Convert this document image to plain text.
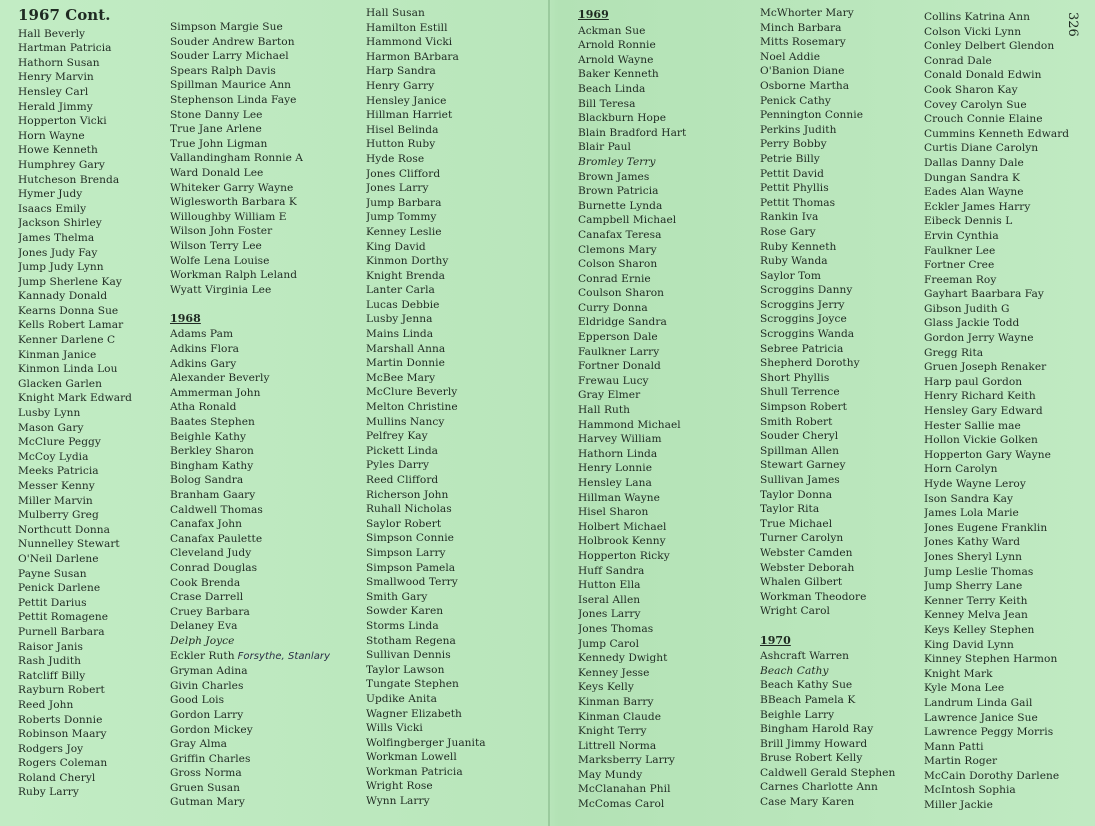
326
1967 Cont.
Hall Beverly
Hartman Patricia
Hathorn Susan
Henry Marvin
Hensley Carl
Herald Jimmy
Hopperton Vicki
Horn Wayne
Howe Kenneth
Humphrey Gary
Hutcheson Brenda
Hymer Judy
Isaacs Emily
Jackson Shirley
James Thelma
Jones Judy Fay
Jump Judy Lynn
Jump Sherlene Kay
Kannady Donald
Kearns Donna Sue
Kells Robert Lamar
Kenner Darlene C
Kinman Janice
Kinmon Linda Lou
Glacken Garlen
Knight Mark Edward
Lusby Lynn
Mason Gary
McClure Peggy
McCoy Lydia
Meeks Patricia
Messer Kenny
Miller Marvin
Mulberry Greg
Northcutt Donna
Nunnelley Stewart
O'Neil Darlene
Payne Susan
Penick Darlene
Pettit Darius
Pettit Romagene
Purnell Barbara
Raisor Janis
Rash Judith
Ratcliff Billy
Rayburn Robert
Reed John
Roberts Donnie
Robinson Maary
Rodgers Joy
Rogers Coleman
Roland Cheryl
Ruby Larry
Simpson Margie Sue
Souder Andrew Barton
Souder Larry Michael
Spears Ralph Davis
Spillman Maurice Ann
Stephenson Linda Faye
Stone Danny Lee
True Jane Arlene
True John Ligman
Vallandingham Ronnie A
Ward Donald Lee
Whiteker Garry Wayne
Wiglesworth Barbara K
Willoughby William E
Wilson John Foster
Wilson Terry Lee
Wolfe Lena Louise
Workman Ralph Leland
Wyatt Virginia Lee
1968
Adams Pam
Adkins Flora
Adkins Gary
Alexander Beverly
Ammerman John
Atha Ronald
Baates Stephen
Beighle Kathy
Berkley Sharon
Bingham Kathy
Bolog Sandra
Branham Gaary
Caldwell Thomas
Canafax John
Canafax Paulette
Cleveland Judy
Conrad Douglas
Cook Brenda
Crase Darrell
Cruey Barbara
Delaney Eva
Delph Joyce
Eckler Ruth Forsythe, Stanlary
Gryman Adina
Givin Charles
Good Lois
Gordon Larry
Gordon Mickey
Gray Alma
Griffin Charles
Gross Norma
Gruen Susan
Gutman Mary
Hall Susan
Hamilton Estill
Hammond Vicki
Harmon BArbara
Harp Sandra
Henry Garry
Hensley Janice
Hillman Harriet
Hisel Belinda
Hutton Ruby
Hyde Rose
Jones Clifford
Jones Larry
Jump Barbara
Jump Tommy
Kenney Leslie
King David
Kinmon Dorthy
Knight Brenda
Lanter Carla
Lucas Debbie
Lusby Jenna
Mains Linda
Marshall Anna
Martin Donnie
McBee Mary
McClure Beverly
Melton Christine
Mullins Nancy
Pelfrey Kay
Pickett Linda
Pyles Darry
Reed Clifford
Richerson John
Ruhall Nicholas
Saylor Robert
Simpson Connie
Simpson Larry
Simpson Pamela
Smallwood Terry
Smith Gary
Sowder Karen
Storms Linda
Stotham Regena
Sullivan Dennis
Taylor Lawson
Tungate Stephen
Updike Anita
Wagner Elizabeth
Wills Vicki
Wolfingberger Juanita
Workman Lowell
Workman Patricia
Wright Rose
Wynn Larry
1969
Ackman Sue
Arnold Ronnie
Arnold Wayne
Baker Kenneth
Beach Linda
Bill Teresa
Blackburn Hope
Blain Bradford Hart
Blair Paul
Bromley Terry
Brown James
Brown Patricia
Burnette Lynda
Campbell Michael
Canafax Teresa
Clemons Mary
Colson Sharon
Conrad Ernie
Coulson Sharon
Curry Donna
Eldridge Sandra
Epperson Dale
Faulkner Larry
Fortner Donald
Frewau Lucy
Gray Elmer
Hall Ruth
Hammond Michael
Harvey William
Hathorn Linda
Henry Lonnie
Hensley Lana
Hillman Wayne
Hisel Sharon
Holbert Michael
Holbrook Kenny
Hopperton Ricky
Huff Sandra
Hutton Ella
Iseral Allen
Jones Larry
Jones Thomas
Jump Carol
Kennedy Dwight
Kenney Jesse
Keys Kelly
Kinman Barry
Kinman Claude
Knight Terry
Littrell Norma
Marksberry Larry
May Mundy
McClanahan Phil
McComas Carol
McWhorter Mary
Minch Barbara
Mitts Rosemary
Noel Addie
O'Banion Diane
Osborne Martha
Penick Cathy
Pennington Connie
Perkins Judith
Perry Bobby
Petrie Billy
Pettit David
Pettit Phyllis
Pettit Thomas
Rankin Iva
Rose Gary
Ruby Kenneth
Ruby Wanda
Saylor Tom
Scroggins Danny
Scroggins Jerry
Scroggins Joyce
Scroggins Wanda
Sebree Patricia
Shepherd Dorothy
Short Phyllis
Shull Terrence
Simpson Robert
Smith Robert
Souder Cheryl
Spillman Allen
Stewart Garney
Sullivan James
Taylor Donna
Taylor Rita
True Michael
Turner Carolyn
Webster Camden
Webster Deborah
Whalen Gilbert
Workman Theodore
Wright Carol
1970
Ashcraft Warren
Beach Cathy
Beach Kathy Sue
BBeach Pamela K
Beighle Larry
Bingham Harold Ray
Brill Jimmy Howard
Bruse Robert Kelly
Caldwell Gerald Stephen
Carnes Charlotte Ann
Case Mary Karen
Collins Katrina Ann
Colson Vicki Lynn
Conley Delbert Glendon
Conrad Dale
Conald Donald Edwin
Cook Sharon Kay
Covey Carolyn Sue
Crouch Connie Elaine
Cummins Kenneth Edward
Curtis Diane Carolyn
Dallas Danny Dale
Dungan Sandra K
Eades Alan Wayne
Eckler James Harry
Eibeck Dennis L
Ervin Cynthia
Faulkner Lee
Fortner Cree
Freeman Roy
Gayhart Baarbara Fay
Gibson Judith G
Glass Jackie Todd
Gordon Jerry Wayne
Gregg Rita
Gruen Joseph Renaker
Harp paul Gordon
Henry Richard Keith
Hensley Gary Edward
Hester Sallie mae
Hollon Vickie Golken
Hopperton Gary Wayne
Horn Carolyn
Hyde Wayne Leroy
Ison Sandra Kay
James Lola Marie
Jones Eugene Franklin
Jones Kathy Ward
Jones Sheryl Lynn
Jump Leslie Thomas
Jump Sherry Lane
Kenner Terry Keith
Kenney Melva Jean
Keys Kelley Stephen
King David Lynn
Kinney Stephen Harmon
Knight Mark
Kyle Mona Lee
Landrum Linda Gail
Lawrence Janice Sue
Lawrence Peggy Morris
Mann Patti
Martin Roger
McCain Dorothy Darlene
McIntosh Sophia
Miller Jackie
